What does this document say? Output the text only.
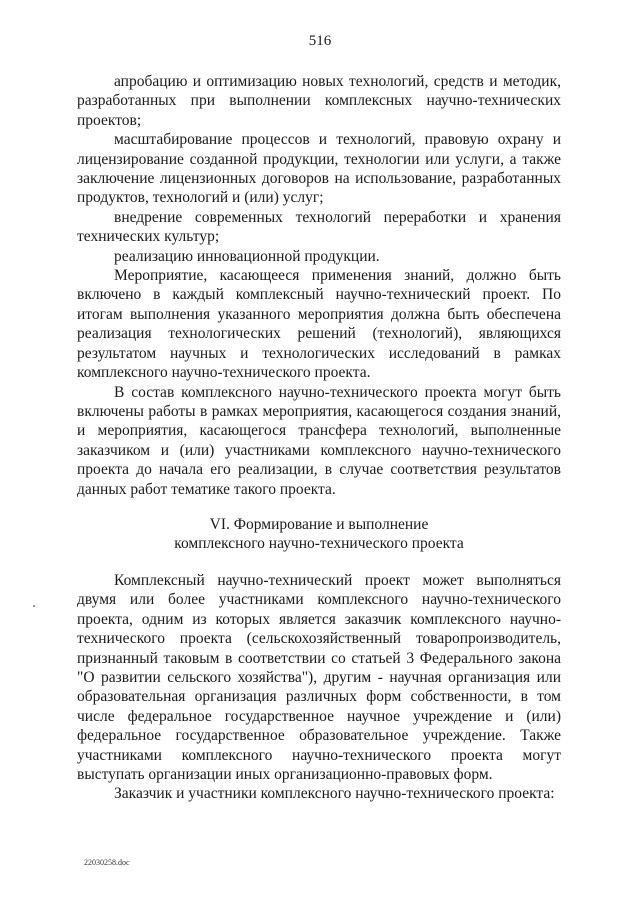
516

апробацию и оптимизацию новых технологий, средств и методик, разработанных при выполнении комплексных научно-технических проектов;

масштабирование процессов и технологий, правовую охрану и лицензирование созданной продукции, технологии или услуги, а также заключение лицензионных договоров на использование, разработанных продуктов, технологий и (или) услуг;

внедрение современных технологий переработки и хранения технических культур;

реализацию инновационной продукции.

Мероприятие, касающееся применения знаний, должно быть включено в каждый комплексный научно-технический проект. По итогам выполнения указанного мероприятия должна быть обеспечена реализация технологических решений (технологий), являющихся результатом научных и технологических исследований в рамках комплексного научно-технического проекта.

В состав комплексного научно-технического проекта могут быть включены работы в рамках мероприятия, касающегося создания знаний, и мероприятия, касающегося трансфера технологий, выполненные заказчиком и (или) участниками комплексного научно-технического проекта до начала его реализации, в случае соответствия результатов данных работ тематике такого проекта.

VI. Формирование и выполнение
комплексного научно-технического проекта

Комплексный научно-технический проект может выполняться двумя или более участниками комплексного научно-технического проекта, одним из которых является заказчик комплексного научно-технического проекта (сельскохозяйственный товаропроизводитель, признанный таковым в соответствии со статьей 3 Федерального закона "О развитии сельского хозяйства"), другим - научная организация или образовательная организация различных форм собственности, в том числе федеральное государственное научное учреждение и (или) федеральное государственное образовательное учреждение. Также участниками комплексного научно-технического проекта могут выступать организации иных организационно-правовых форм.

Заказчик и участники комплексного научно-технического проекта:

22030258.doc
